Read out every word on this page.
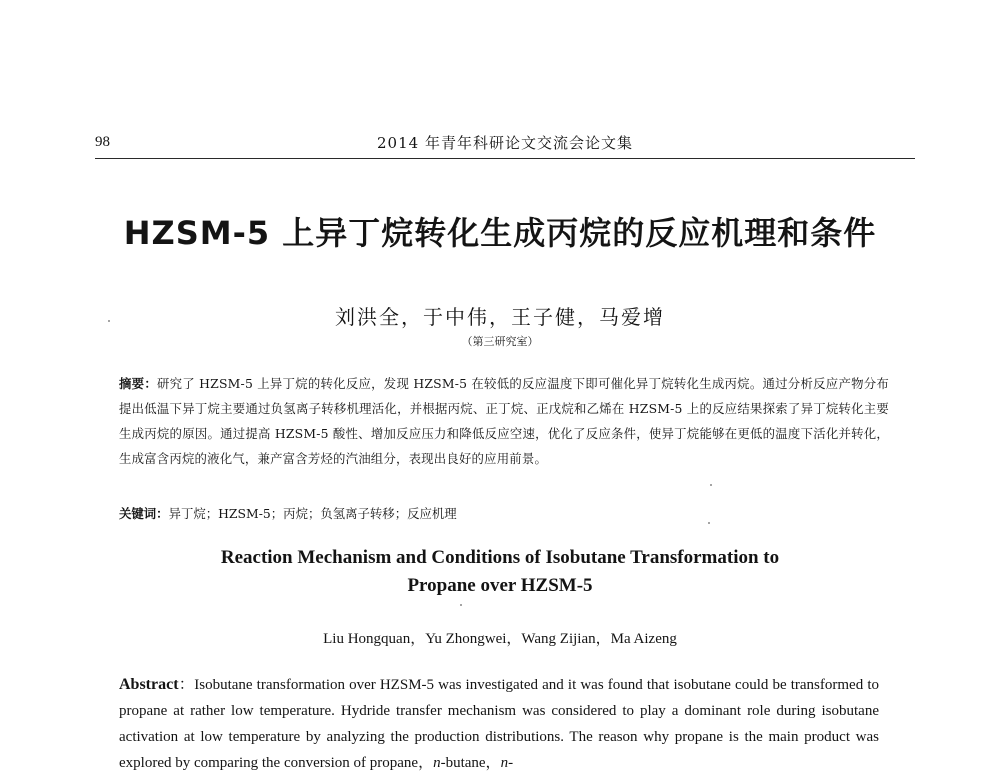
98	2014 年青年科研论文交流会论文集
HZSM-5 上异丁烷转化生成丙烷的反应机理和条件
刘洪全，于中伟，王子健，马爱增
（第三研究室）
摘要：研究了 HZSM-5 上异丁烷的转化反应，发现 HZSM-5 在较低的反应温度下即可催化异丁烷转化生成丙烷。通过分析反应产物分布提出低温下异丁烷主要通过负氢离子转移机理活化，并根据丙烷、正丁烷、正戊烷和乙烯在 HZSM-5 上的反应结果探索了异丁烷转化主要生成丙烷的原因。通过提高 HZSM-5 酸性、增加反应压力和降低反应空速，优化了反应条件，使异丁烷能够在更低的温度下活化并转化，生成富含丙烷的液化气，兼产富含芳烃的汽油组分，表现出良好的应用前景。
关键词：异丁烷；HZSM-5；丙烷；负氢离子转移；反应机理
Reaction Mechanism and Conditions of Isobutane Transformation to
Propane over HZSM-5
Liu Hongquan，Yu Zhongwei，Wang Zijian，Ma Aizeng
Abstract：Isobutane transformation over HZSM-5 was investigated and it was found that isobutane could be transformed to propane at rather low temperature. Hydride transfer mechanism was considered to play a dominant role during isobutane activation at low temperature by analyzing the production distributions. The reason why propane is the main product was explored by comparing the conversion of propane，n-butane，n-
